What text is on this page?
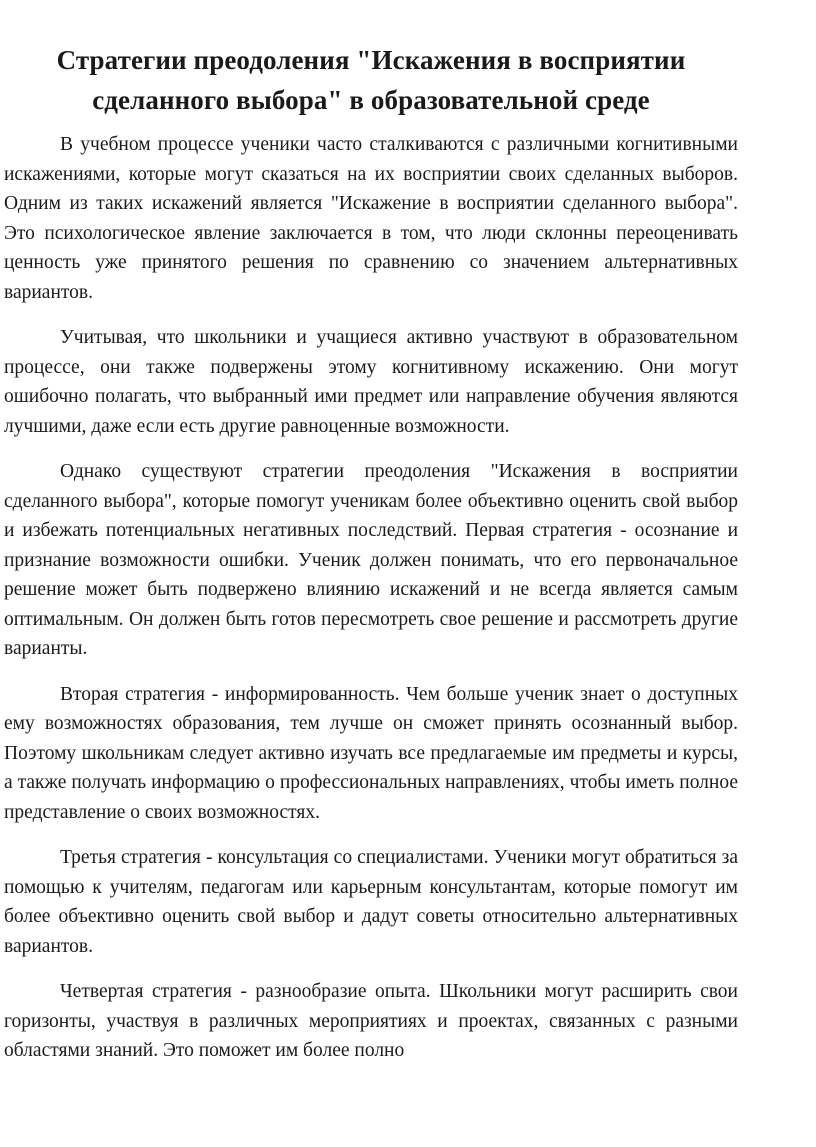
Стратегии преодоления "Искажения в восприятии сделанного выбора" в образовательной среде

В учебном процессе ученики часто сталкиваются с различными когнитивными искажениями, которые могут сказаться на их восприятии своих сделанных выборов. Одним из таких искажений является "Искажение в восприятии сделанного выбора". Это психологическое явление заключается в том, что люди склонны переоценивать ценность уже принятого решения по сравнению со значением альтернативных вариантов.

Учитывая, что школьники и учащиеся активно участвуют в образовательном процессе, они также подвержены этому когнитивному искажению. Они могут ошибочно полагать, что выбранный ими предмет или направление обучения являются лучшими, даже если есть другие равноценные возможности.

Однако существуют стратегии преодоления "Искажения в восприятии сделанного выбора", которые помогут ученикам более объективно оценить свой выбор и избежать потенциальных негативных последствий. Первая стратегия - осознание и признание возможности ошибки. Ученик должен понимать, что его первоначальное решение может быть подвержено влиянию искажений и не всегда является самым оптимальным. Он должен быть готов пересмотреть свое решение и рассмотреть другие варианты.

Вторая стратегия - информированность. Чем больше ученик знает о доступных ему возможностях образования, тем лучше он сможет принять осознанный выбор. Поэтому школьникам следует активно изучать все предлагаемые им предметы и курсы, а также получать информацию о профессиональных направлениях, чтобы иметь полное представление о своих возможностях.

Третья стратегия - консультация со специалистами. Ученики могут обратиться за помощью к учителям, педагогам или карьерным консультантам, которые помогут им более объективно оценить свой выбор и дадут советы относительно альтернативных вариантов.

Четвертая стратегия - разнообразие опыта. Школьники могут расширить свои горизонты, участвуя в различных мероприятиях и проектах, связанных с разными областями знаний. Это поможет им более полно
